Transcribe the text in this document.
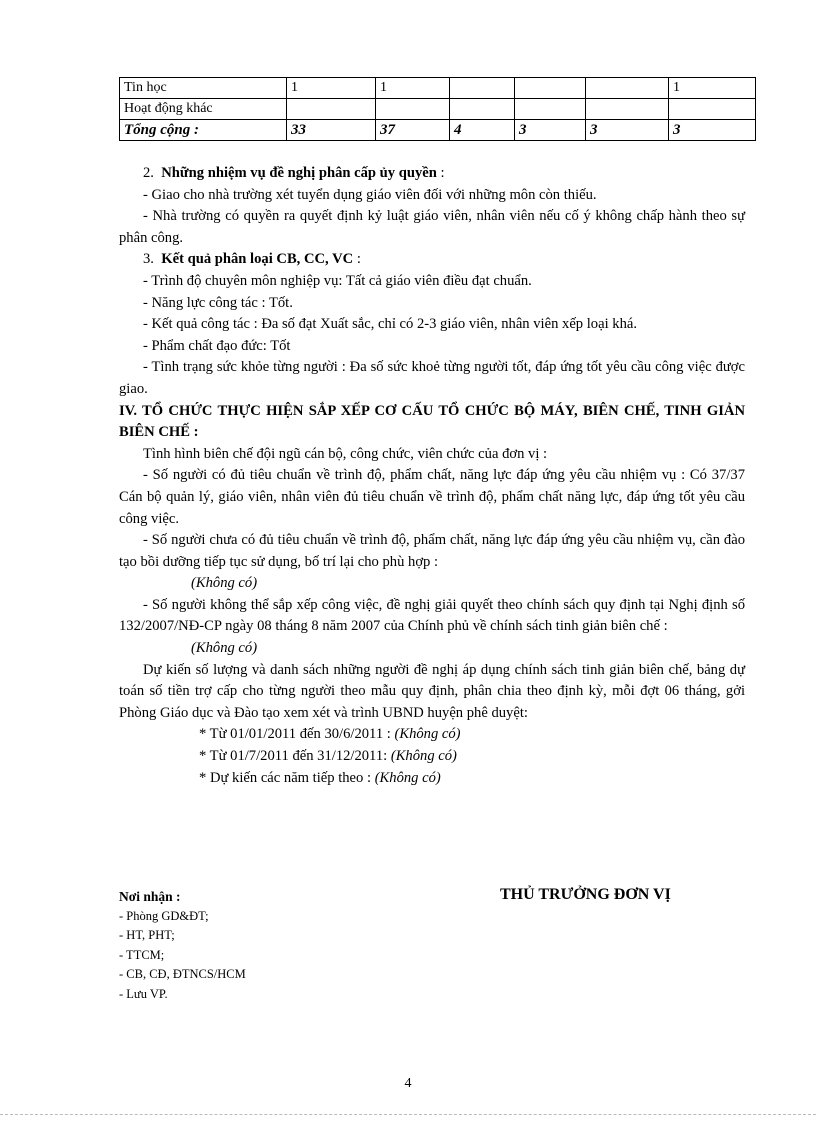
Tin học	1	1				1
Hoạt động khác						
Tổng cộng :	33	37	4	3	3	3

2. Những nhiệm vụ đề nghị phân cấp ủy quyền :

- Giao cho nhà trường xét tuyển dụng giáo viên đối với những môn còn thiếu.

- Nhà trường có quyền ra quyết định kỷ luật giáo viên, nhân viên nếu cố ý không chấp hành theo sự phân công.

3. Kết quả phân loại CB, CC, VC :

- Trình độ chuyên môn nghiệp vụ: Tất cả giáo viên điều đạt chuẩn.

- Năng lực công tác : Tốt.

- Kết quả công tác : Đa số đạt Xuất sắc, chỉ có 2-3 giáo viên, nhân viên xếp loại khá.

- Phẩm chất đạo đức: Tốt

- Tình trạng sức khỏe từng người : Đa số sức khoẻ từng người tốt, đáp ứng tốt yêu cầu công việc được giao.

IV. TỔ CHỨC THỰC HIỆN SẮP XẾP CƠ CẤU TỔ CHỨC BỘ MÁY, BIÊN CHẾ, TINH GIẢN BIÊN CHẾ :

Tình hình biên chế đội ngũ cán bộ, công chức, viên chức của đơn vị :

- Số người có đủ tiêu chuẩn về trình độ, phẩm chất, năng lực đáp ứng yêu cầu nhiệm vụ : Có 37/37 Cán bộ quản lý, giáo viên, nhân viên đủ tiêu chuẩn về trình độ, phẩm chất năng lực, đáp ứng tốt yêu cầu công việc.

- Số người chưa có đủ tiêu chuẩn về trình độ, phẩm chất, năng lực đáp ứng yêu cầu nhiệm vụ, cần đào tạo bồi dưỡng tiếp tục sử dụng, bố trí lại cho phù hợp :

(Không có)

- Số người không thể sắp xếp công việc, đề nghị giải quyết theo chính sách quy định tại Nghị định số 132/2007/NĐ-CP ngày 08 tháng 8 năm 2007 của Chính phủ về chính sách tinh giản biên chế :

(Không có)

Dự kiến số lượng và danh sách những người đề nghị áp dụng chính sách tinh giản biên chế, bảng dự toán số tiền trợ cấp cho từng người theo mẫu quy định, phân chia theo định kỳ, mỗi đợt 06 tháng, gởi Phòng Giáo dục và Đào tạo xem xét và trình UBND huyện phê duyệt:

* Từ 01/01/2011 đến 30/6/2011 : (Không có)

* Từ 01/7/2011 đến 31/12/2011: (Không có)

* Dự kiến các năm tiếp theo : (Không có)

Nơi nhận :
- Phòng GD&ĐT;
- HT, PHT;
- TTCM;
- CB, CĐ, ĐTNCS/HCM
- Lưu VP.
THỦ TRƯỞNG ĐƠN VỊ
4
